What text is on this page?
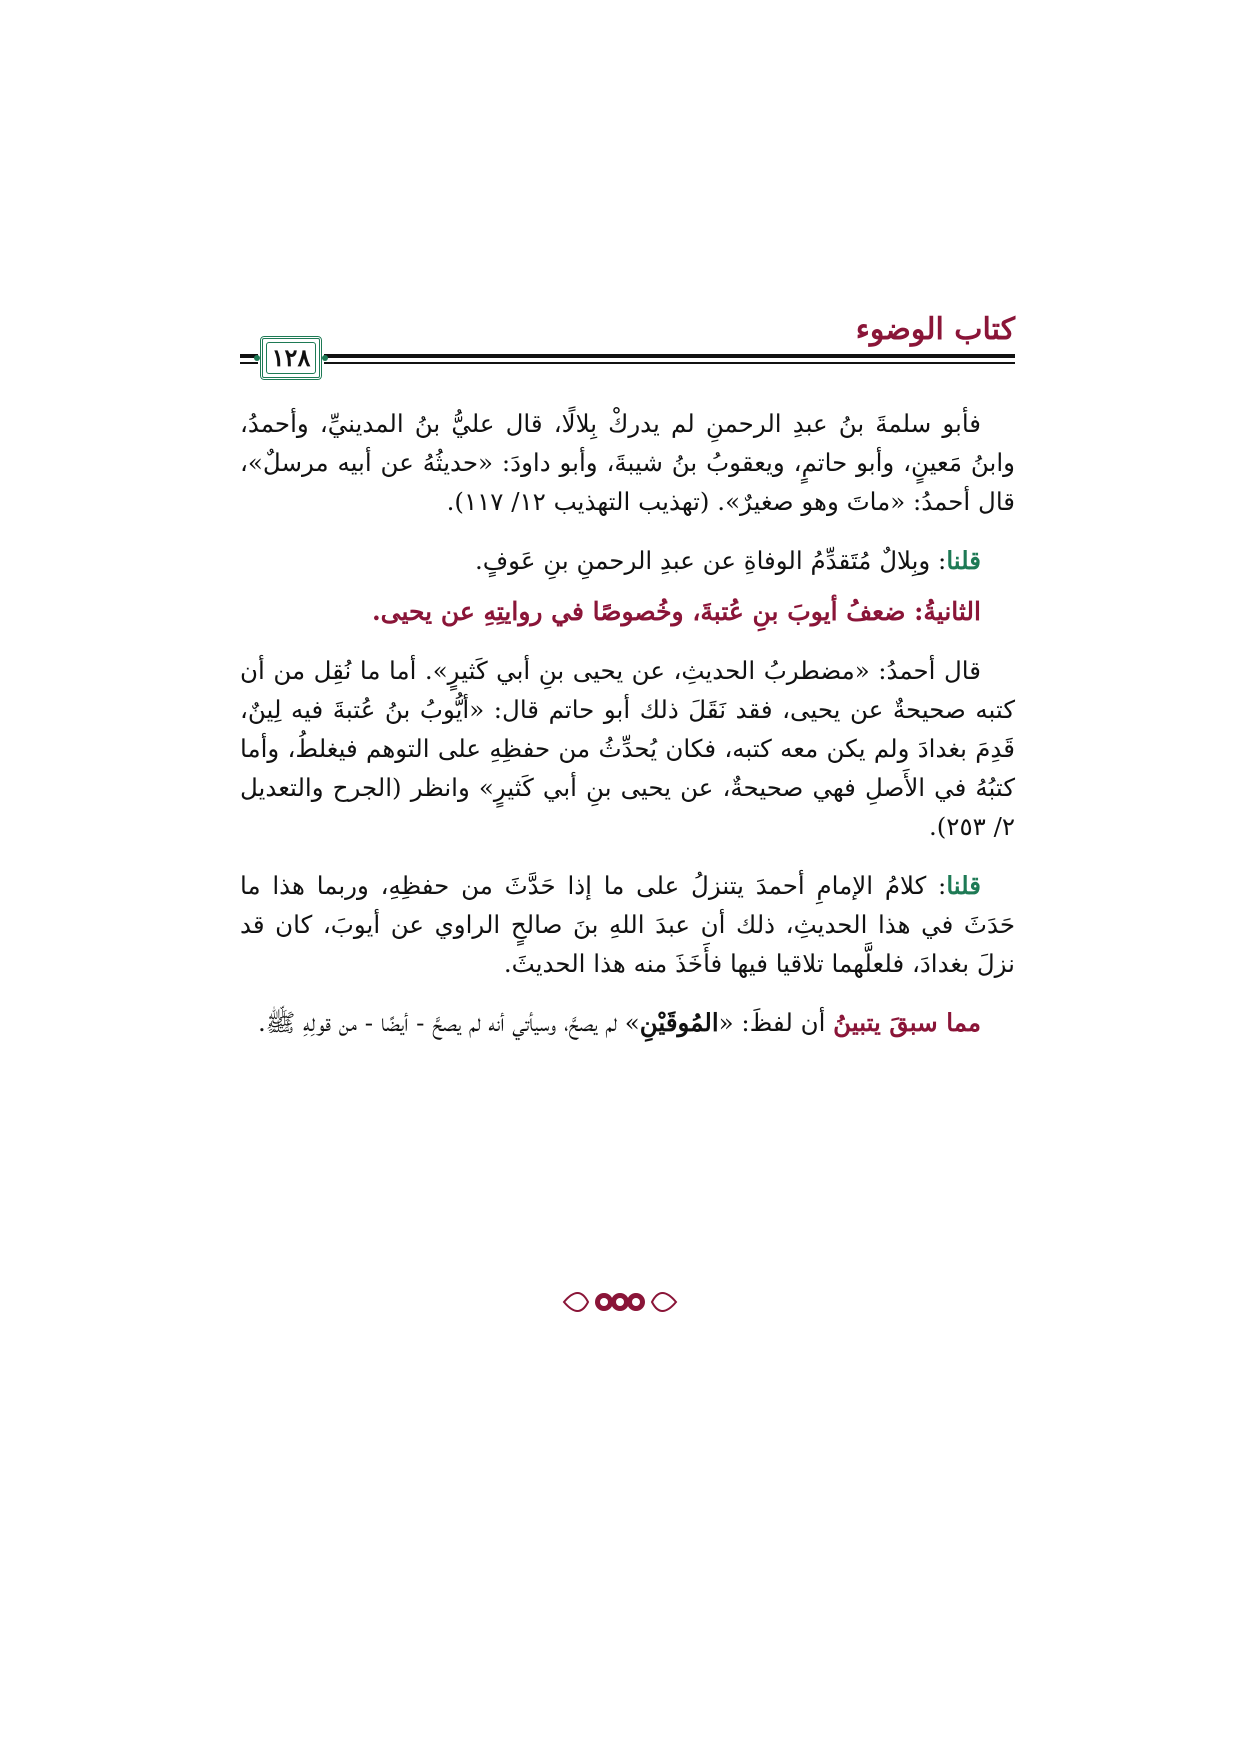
كتاب الوضوء
١٢٨

فأبو سلمةَ بنُ عبدِ الرحمنِ لم يدركْ بِلالًا، قال عليُّ بنُ المدينيِّ، وأحمدُ، وابنُ مَعينٍ، وأبو حاتمٍ، ويعقوبُ بنُ شيبةَ، وأبو داودَ: «حديثُهُ عن أبيه مرسلٌ»، قال أحمدُ: «ماتَ وهو صغيرٌ». (تهذيب التهذيب ١٢/ ١١٧).

قلنا: وبِلالٌ مُتَقدِّمُ الوفاةِ عن عبدِ الرحمنِ بنِ عَوفٍ.

الثانيةُ: ضعفُ أيوبَ بنِ عُتبةَ، وخُصوصًا في روايتِهِ عن يحيى.

قال أحمدُ: «مضطربُ الحديثِ، عن يحيى بنِ أبي كَثيرٍ». أما ما نُقِل من أن كتبه صحيحةٌ عن يحيى، فقد نَقَلَ ذلك أبو حاتم قال: «أيُّوبُ بنُ عُتبةَ فيه لِينٌ، قَدِمَ بغدادَ ولم يكن معه كتبه، فكان يُحدِّثُ من حفظِهِ على التوهم فيغلطُ، وأما كتبُهُ في الأَصلِ فهي صحيحةٌ، عن يحيى بنِ أبي كَثيرٍ» وانظر (الجرح والتعديل ٢/ ٢٥٣).

قلنا: كلامُ الإمامِ أحمدَ يتنزلُ على ما إذا حَدَّثَ من حفظِهِ، وربما هذا ما حَدَثَ في هذا الحديثِ، ذلك أن عبدَ اللهِ بنَ صالحٍ الراوي عن أيوبَ، كان قد نزلَ بغدادَ، فلعلَّهما تلاقيا فيها فأَخَذَ منه هذا الحديثَ.

مما سبقَ يتبينُ أن لفظَ: «المُوقَيْنِ» لم يصحَّ، وسيأتي أنه لم يصحَّ - أيضًا - من قولِهِ ﷺ.
